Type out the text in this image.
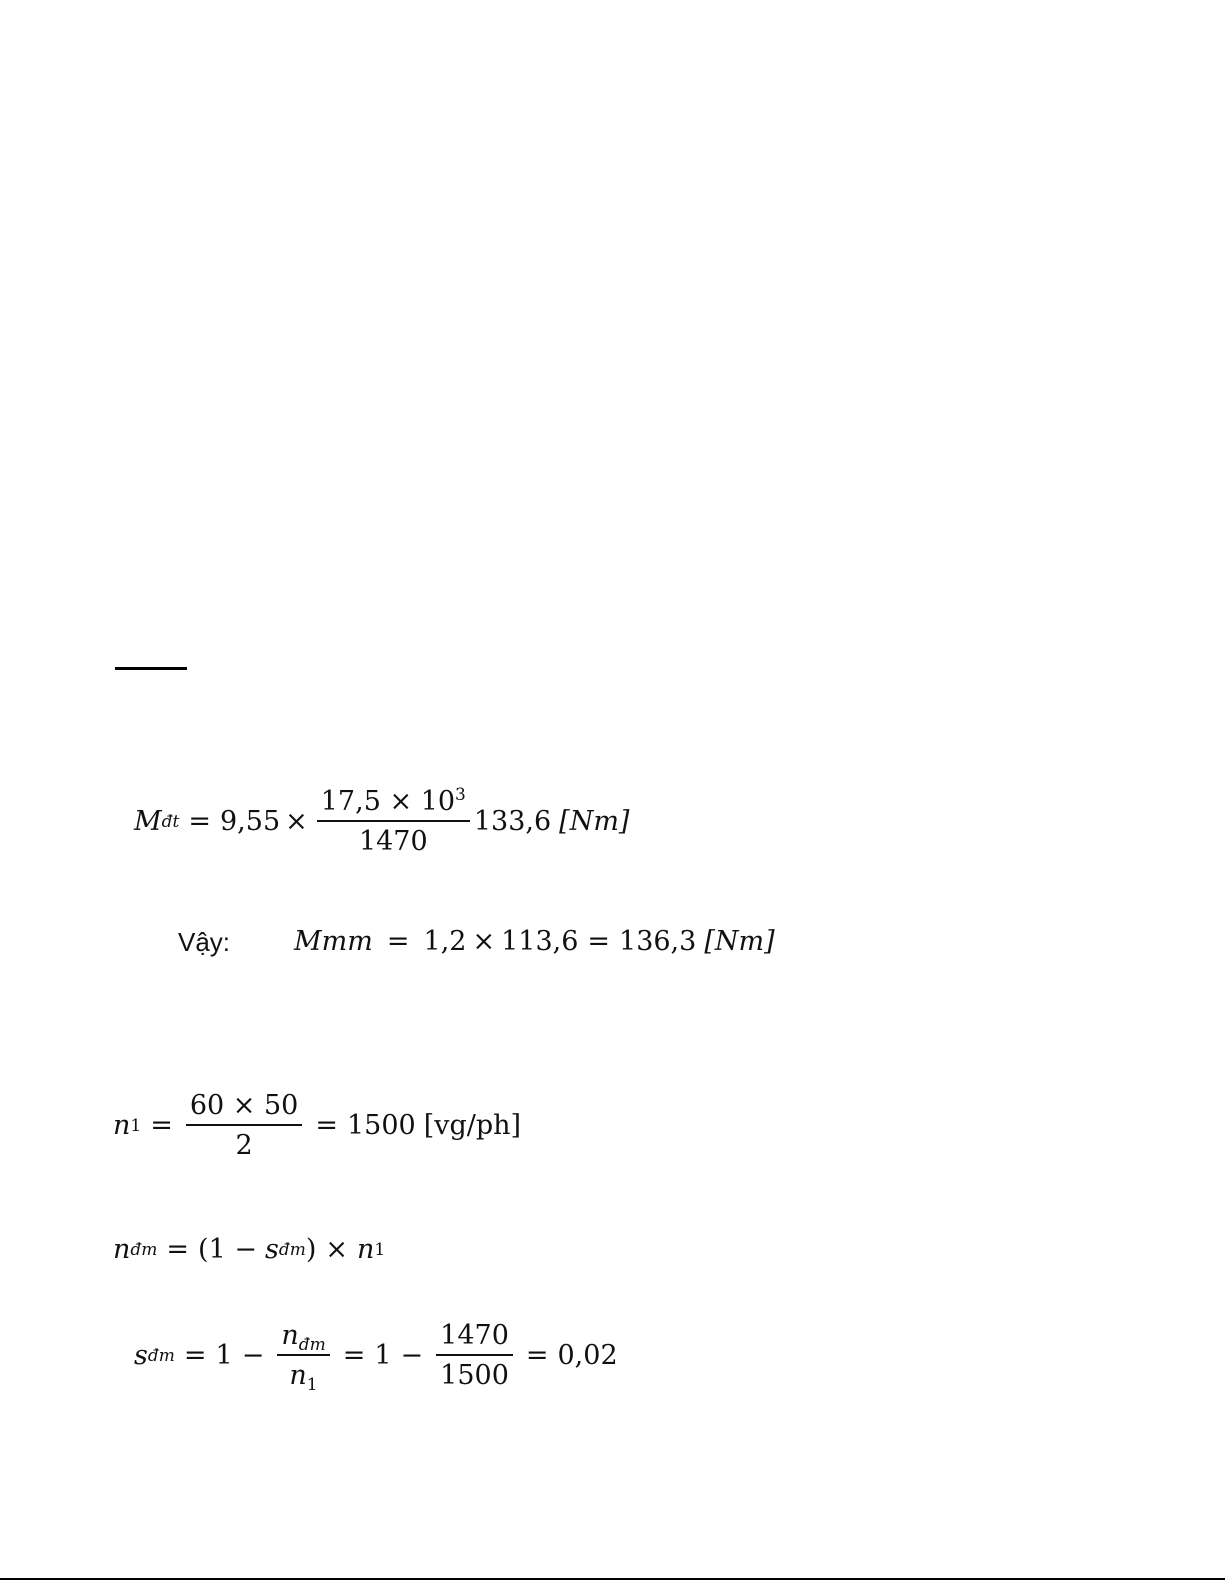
M đt = $9,55 \times \frac{17,5 \times 10^3}{1470} 133,6$ [Nm]
Vậy: Mmm = 1,2 × 113,6 = 136,3 [Nm]
n $1 = \frac{60 \times 50}{2} = 1500$ [vg/ph]
n đm = (1 − s đm ) × n 1
s đm = $1 - \frac{n_{đm}}{n_1} = 1 - \frac{1470}{1500} = 0,02$
